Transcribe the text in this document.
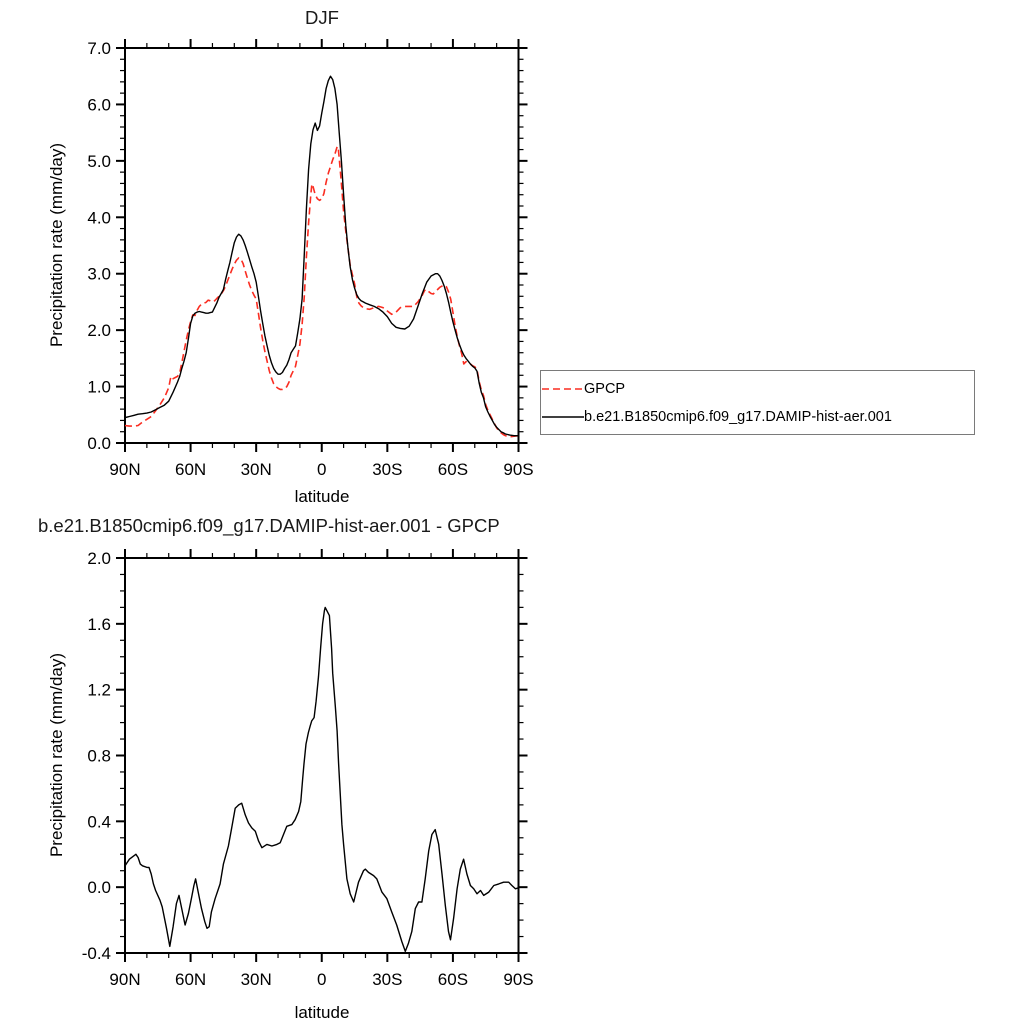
90N 60N 30N	0	30S 60S 90S
0.0
1.0
2.0
3.0
4.0
5.0
6.0
7.0
90N 60N 30N	0	30S 60S 90S
-0.4
0.0
0.4
0.8
1.2
1.6
2.0
DJF
Precipitation rate (mm/day)
latitude
b.e21.B1850cmip6.f09_g17.DAMIP-hist-aer.001 - GPCP
Precipitation rate (mm/day)
latitude
GPCP
b.e21.B1850cmip6.f09_g17.DAMIP-hist-aer.001
